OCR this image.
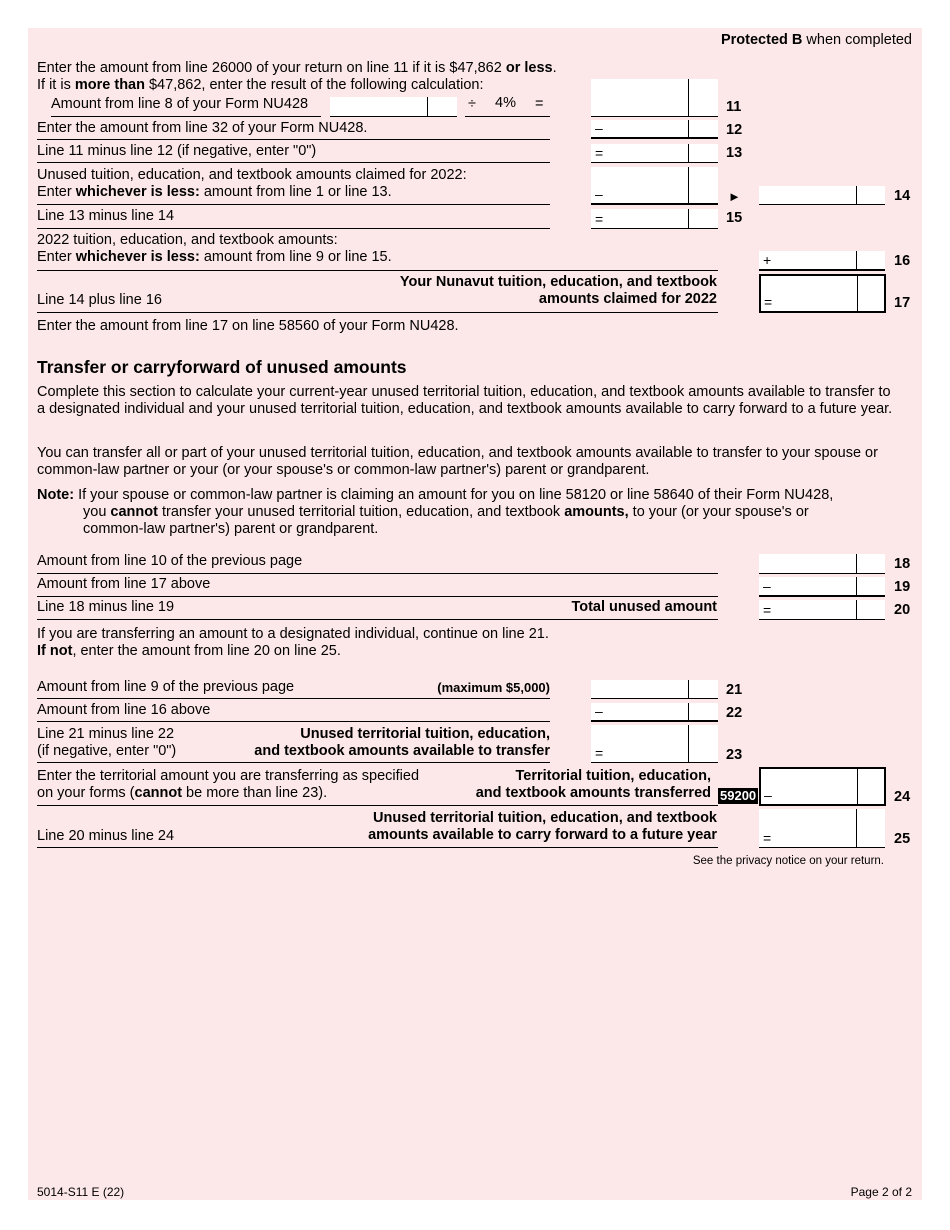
Protected B when completed
Enter the amount from line 26000 of your return on line 11 if it is $47,862 or less.
If it is more than $47,862, enter the result of the following calculation:
Amount from line 8 of your Form NU428	÷ 4% =	11
Enter the amount from line 32 of your Form NU428.	–	12
Line 11 minus line 12 (if negative, enter "0")	=	13
Unused tuition, education, and textbook amounts claimed for 2022:
Enter whichever is less: amount from line 1 or line 13.	–	►	14
Line 13 minus line 14	=	15
2022 tuition, education, and textbook amounts:
Enter whichever is less: amount from line 9 or line 15.	+	16
Your Nunavut tuition, education, and textbook
amounts claimed for 2022
Line 14 plus line 16	=	17
Enter the amount from line 17 on line 58560 of your Form NU428.
Transfer or carryforward of unused amounts
Complete this section to calculate your current-year unused territorial tuition, education, and textbook amounts available to transfer to a designated individual and your unused territorial tuition, education, and textbook amounts available to carry forward to a future year.
You can transfer all or part of your unused territorial tuition, education, and textbook amounts available to transfer to your spouse or common-law partner or your (or your spouse's or common-law partner's) parent or grandparent.
Note: If your spouse or common-law partner is claiming an amount for you on line 58120 or line 58640 of their Form NU428,
you cannot transfer your unused territorial tuition, education, and textbook amounts, to your (or your spouse's or
common-law partner's) parent or grandparent.
Amount from line 10 of the previous page	18
Amount from line 17 above	–	19
Line 18 minus line 19	Total unused amount	=	20
If you are transferring an amount to a designated individual, continue on line 21.
If not, enter the amount from line 20 on line 25.
Amount from line 9 of the previous page	(maximum $5,000)	21
Amount from line 16 above	–	22
Line 21 minus line 22
(if negative, enter "0")
Unused territorial tuition, education,
and textbook amounts available to transfer	=	23
Enter the territorial amount you are transferring as specified
on your forms (cannot be more than line 23).
Territorial tuition, education,
and textbook amounts transferred 59200 –	24
Unused territorial tuition, education, and textbook
amounts available to carry forward to a future year
Line 20 minus line 24	=	25
See the privacy notice on your return.
5014-S11 E (22)	Page 2 of 2
